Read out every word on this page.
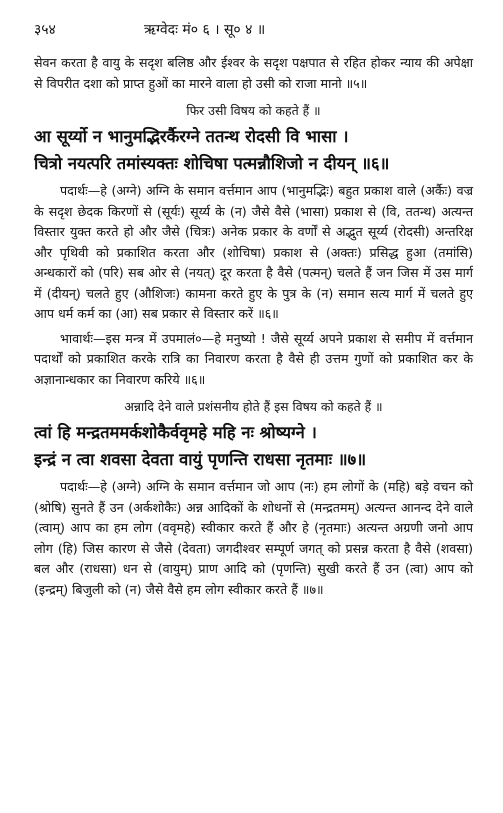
३५४	ऋग्वेदः मं० ६ । सू० ४ ॥

सेवन करता है वायु के सदृश बलिष्ठ और ईश्वर के सदृश पक्षपात से रहित होकर न्याय की अपेक्षा से विपरीत दशा को प्राप्त हुओं का मारने वाला हो उसी को राजा मानो ॥५॥

फिर उसी विषय को कहते हैं ॥

आ सूर्य्यो न भानुमद्भिरर्कैरग्ने ततन्थ रोदसी वि भासा ।

चित्रो नयत्परि तमांस्यक्तः शोचिषा पत्मन्नौशिजो न दीयन् ॥६॥

पदार्थः—हे (अग्ने) अग्नि के समान वर्त्तमान आप (भानुमद्भिः) बहुत प्रकाश वाले (अर्कैः) वज्र के सदृश छेदक किरणों से (सूर्यः) सूर्य्य के (न) जैसे वैसे (भासा) प्रकाश से (वि, ततन्थ) अत्यन्त विस्तार युक्त करते हो और जैसे (चित्रः) अनेक प्रकार के वर्णों से अद्भुत सूर्य्य (रोदसी) अन्तरिक्ष और पृथिवी को प्रकाशित करता और (शोचिषा) प्रकाश से (अक्तः) प्रसिद्ध हुआ (तमांसि) अन्धकारों को (परि) सब ओर से (नयत्) दूर करता है वैसे (पत्मन्) चलते हैं जन जिस में उस मार्ग में (दीयन्) चलते हुए (औशिजः) कामना करते हुए के पुत्र के (न) समान सत्य मार्ग में चलते हुए आप धर्म कर्म का (आ) सब प्रकार से विस्तार करें ॥६॥

भावार्थः—इस मन्त्र में उपमालं०—हे मनुष्यो ! जैसे सूर्य्य अपने प्रकाश से समीप में वर्त्तमान पदार्थों को प्रकाशित करके रात्रि का निवारण करता है वैसे ही उत्तम गुणों को प्रकाशित कर के अज्ञानान्धकार का निवारण करिये ॥६॥

अन्नादि देने वाले प्रशंसनीय होते हैं इस विषय को कहते हैं ॥

त्वां हि मन्द्रतममर्कशोकैर्ववृमहे महि नः श्रोष्यग्ने ।

इन्द्रं न त्वा शवसा देवता वायुं पृणन्ति राधसा नृतमाः ॥७॥

पदार्थः—हे (अग्ने) अग्नि के समान वर्त्तमान जो आप (नः) हम लोगों के (महि) बड़े वचन को (श्रोषि) सुनते हैं उन (अर्कशोकैः) अन्न आदिकों के शोधनों से (मन्द्रतमम्) अत्यन्त आनन्द देने वाले (त्वाम्) आप का हम लोग (ववृमहे) स्वीकार करते हैं और हे (नृतमाः) अत्यन्त अग्रणी जनो आप लोग (हि) जिस कारण से जैसे (देवता) जगदीश्वर सम्पूर्ण जगत् को प्रसन्न करता है वैसे (शवसा) बल और (राधसा) धन से (वायुम्) प्राण आदि को (पृणन्ति) सुखी करते हैं उन (त्वा) आप को (इन्द्रम्) बिजुली को (न) जैसे वैसे हम लोग स्वीकार करते हैं ॥७॥
